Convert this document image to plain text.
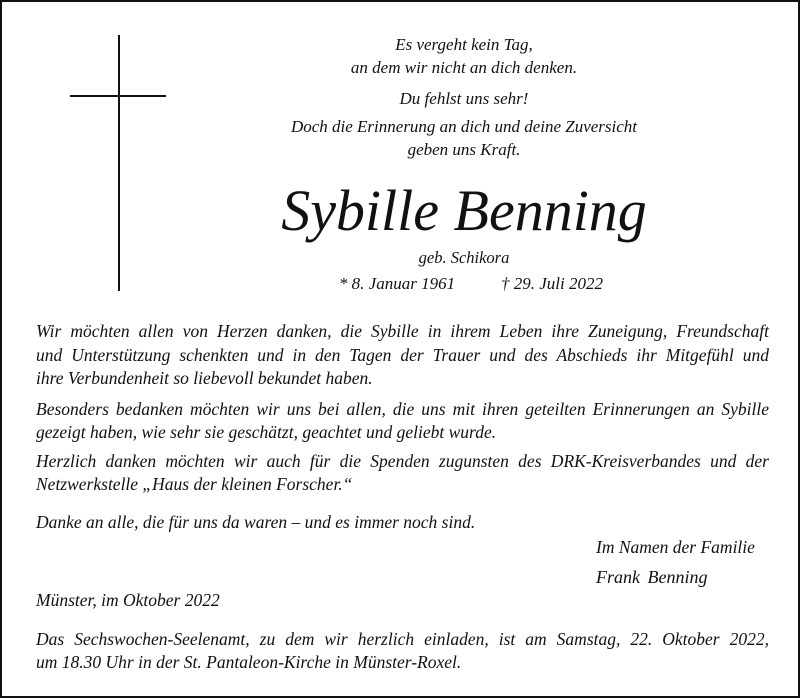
Es vergeht kein Tag,
an dem wir nicht an dich denken.
Du fehlst uns sehr!
Doch die Erinnerung an dich und deine Zuversicht
geben uns Kraft.
Sybille Benning
geb. Schikora
* 8. Januar 1961	† 29. Juli 2022
Wir möchten allen von Herzen danken, die Sybille in ihrem Leben ihre Zuneigung, Freundschaft
und Unterstützung schenkten und in den Tagen der Trauer und des Abschieds ihr Mitgefühl und
ihre Verbundenheit so liebevoll bekundet haben.
Besonders bedanken möchten wir uns bei allen, die uns mit ihren geteilten Erinnerungen an Sybille
gezeigt haben, wie sehr sie geschätzt, geachtet und geliebt wurde.
Herzlich danken möchten wir auch für die Spenden zugunsten des DRK-Kreisverbandes und der
Netzwerkstelle „Haus der kleinen Forscher.“
Danke an alle, die für uns da waren – und es immer noch sind.
Im Namen der Familie
Frank Benning
Münster, im Oktober 2022
Das Sechswochen-Seelenamt, zu dem wir herzlich einladen, ist am Samstag, 22. Oktober 2022,
um 18.30 Uhr in der St. Pantaleon-Kirche in Münster-Roxel.
